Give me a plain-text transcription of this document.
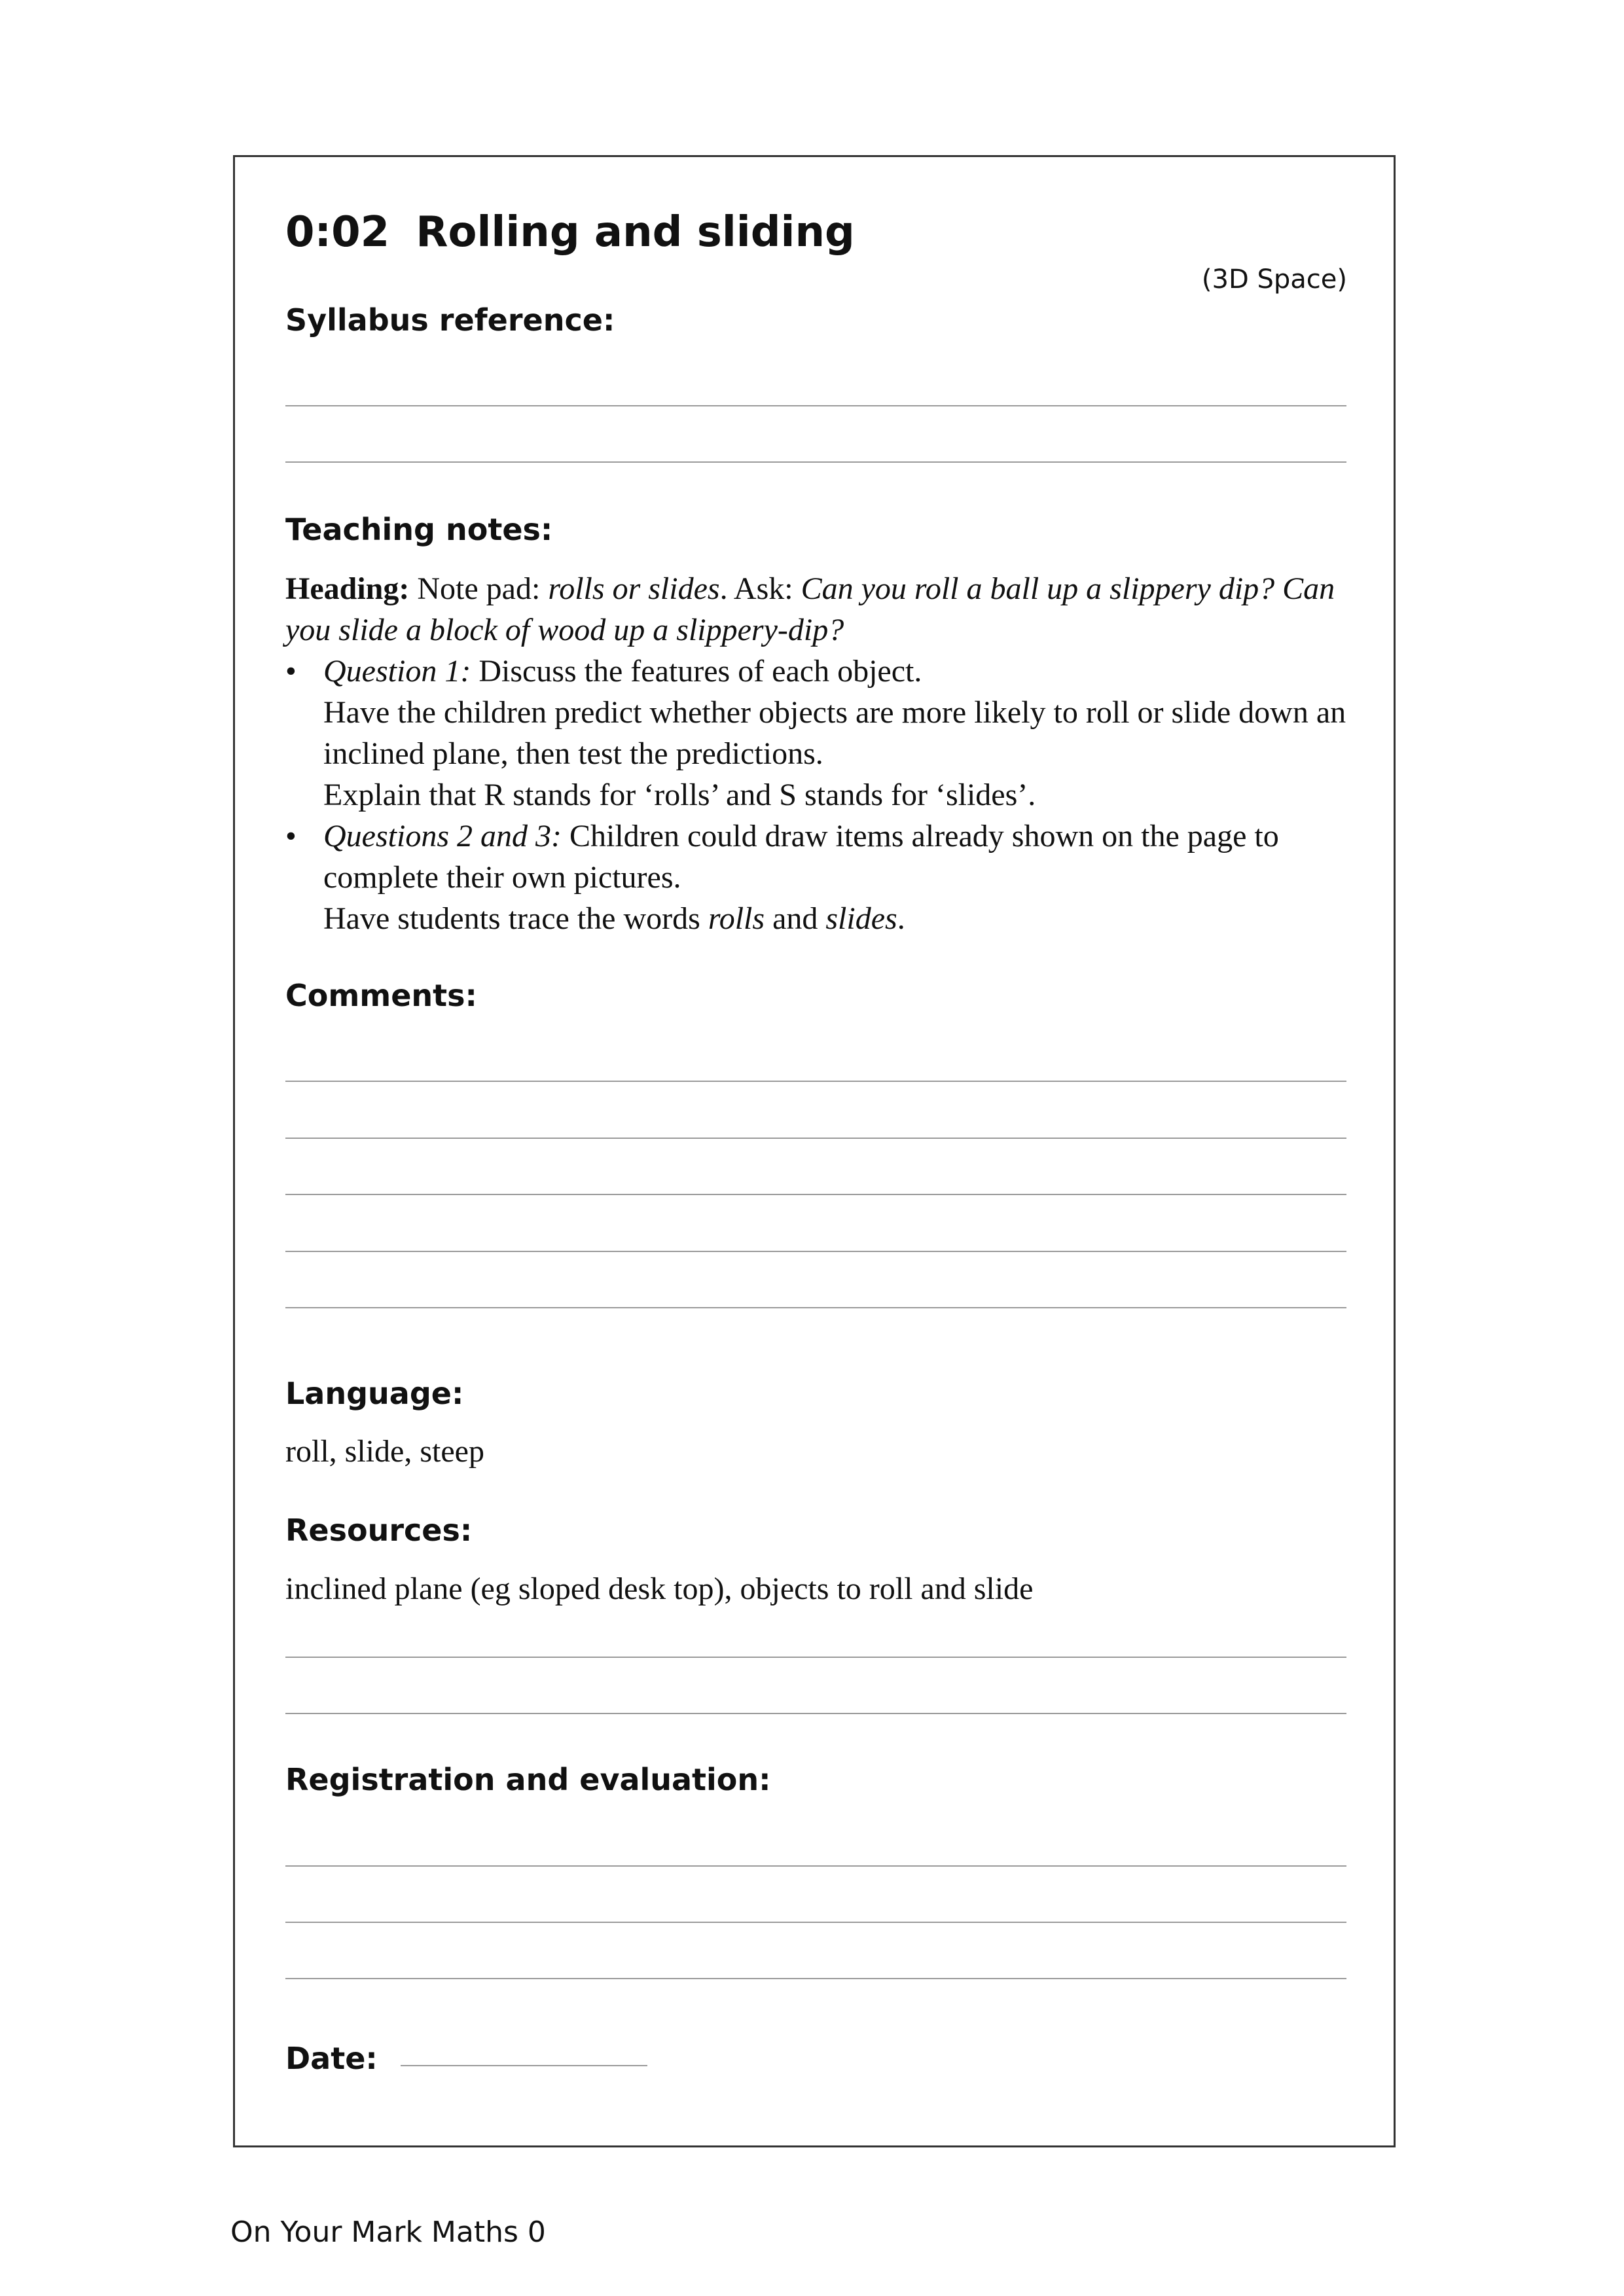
0:02 Rolling and sliding
(3D Space)
Syllabus reference:
Teaching notes:

Heading: Note pad: rolls or slides. Ask: Can you roll a ball up a slippery dip? Can you slide a block of wood up a slippery-dip?

• Question 1: Discuss the features of each object.

Have the children predict whether objects are more likely to roll or slide down an inclined plane, then test the predictions.

Explain that R stands for ‘rolls’ and S stands for ‘slides’.

• Questions 2 and 3: Children could draw items already shown on the page to complete their own pictures.

Have students trace the words rolls and slides.

Comments:
Language:
roll, slide, steep
Resources:
inclined plane (eg sloped desk top), objects to roll and slide
Registration and evaluation:
Date:
On Your Mark Maths 0
